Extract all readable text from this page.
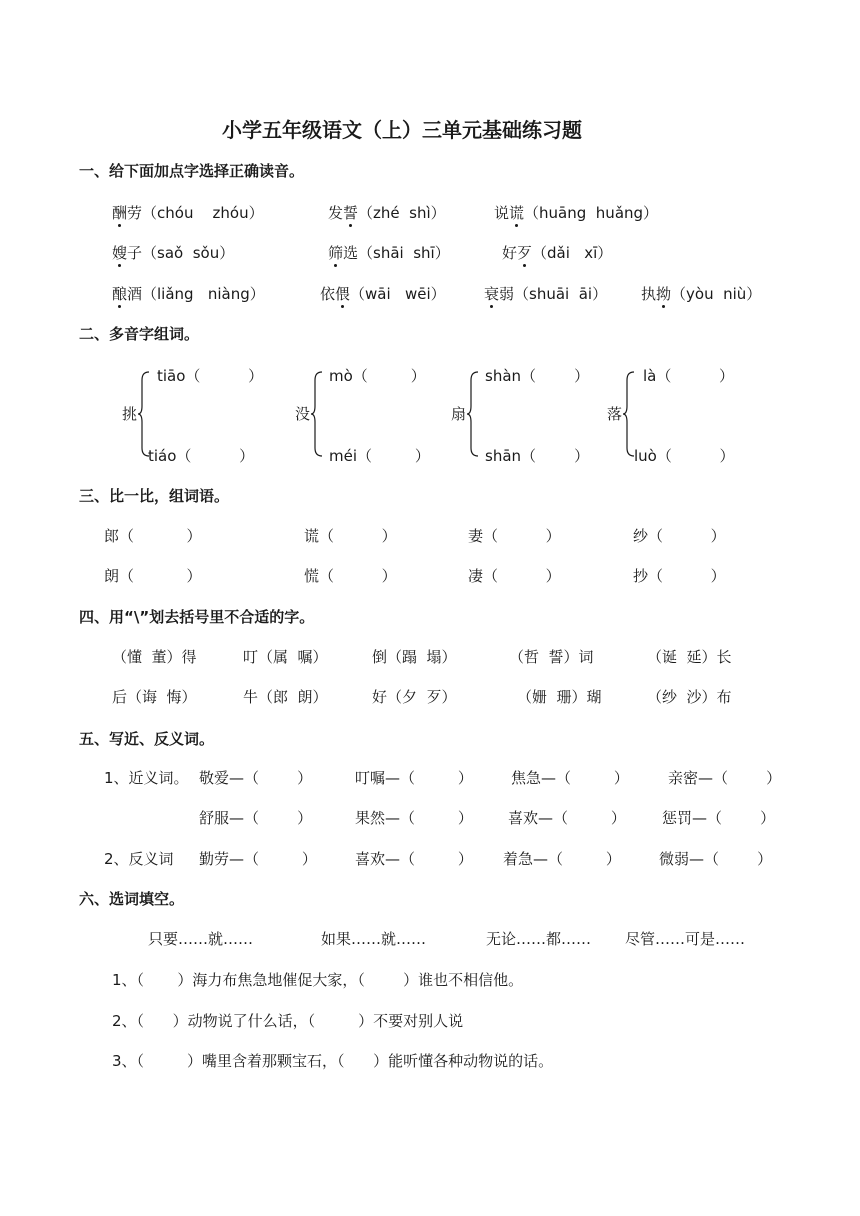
小学五年级语文（上）三单元基础练习题
一、给下面加点字选择正确读音。
酬劳（chóu    zhóu）	发誓（zhé  shì）	说谎（huāng  huǎng）
嫂子（saǒ  sǒu）	筛选（shāi  shī）	好歹（dǎi   xī）
酿酒（liǎng   niàng）	依偎（wāi   wēi）	衰弱（shuāi  āi） 执拗（yòu  niù）
二、多音字组词。
挑
tiāo（          ）
tiáo（          ）
没
mò（         ）
méi（         ）
扇
shàn（        ）
shān（        ）
落
là（          ）
luò（          ）
三、比一比，组词语。
郎（           ）	谎（          ）	妻（          ）	纱（          ）
朗（           ）	慌（          ）	凄（          ）	抄（          ）
四、用“\”划去括号里不合适的字。
（懂  董）得	叮（属  嘱）	倒（蹋  塌）	（哲  誓）词	（诞  延）长
后（诲  悔）	牛（郎  朗）	好（夕  歹）	（姗  珊）瑚	（纱  沙）布
五、写近、反义词。
1、近义词。 敬爱—（        ）	叮嘱—（         ）	焦急—（         ）	亲密—（        ）
舒服—（        ）	果然—（         ） 喜欢—（         ） 惩罚—（        ）
2、反义词 勤劳—（         ）	喜欢—（         ） 着急—（         ）	微弱—（        ）
六、选词填空。
只要……就……	如果……就……	无论……都…… 尽管……可是……
1、（       ）海力布焦急地催促大家，（        ）谁也不相信他。
2、（      ）动物说了什么话，（         ）不要对别人说
3、（         ）嘴里含着那颗宝石，（      ）能听懂各种动物说的话。
